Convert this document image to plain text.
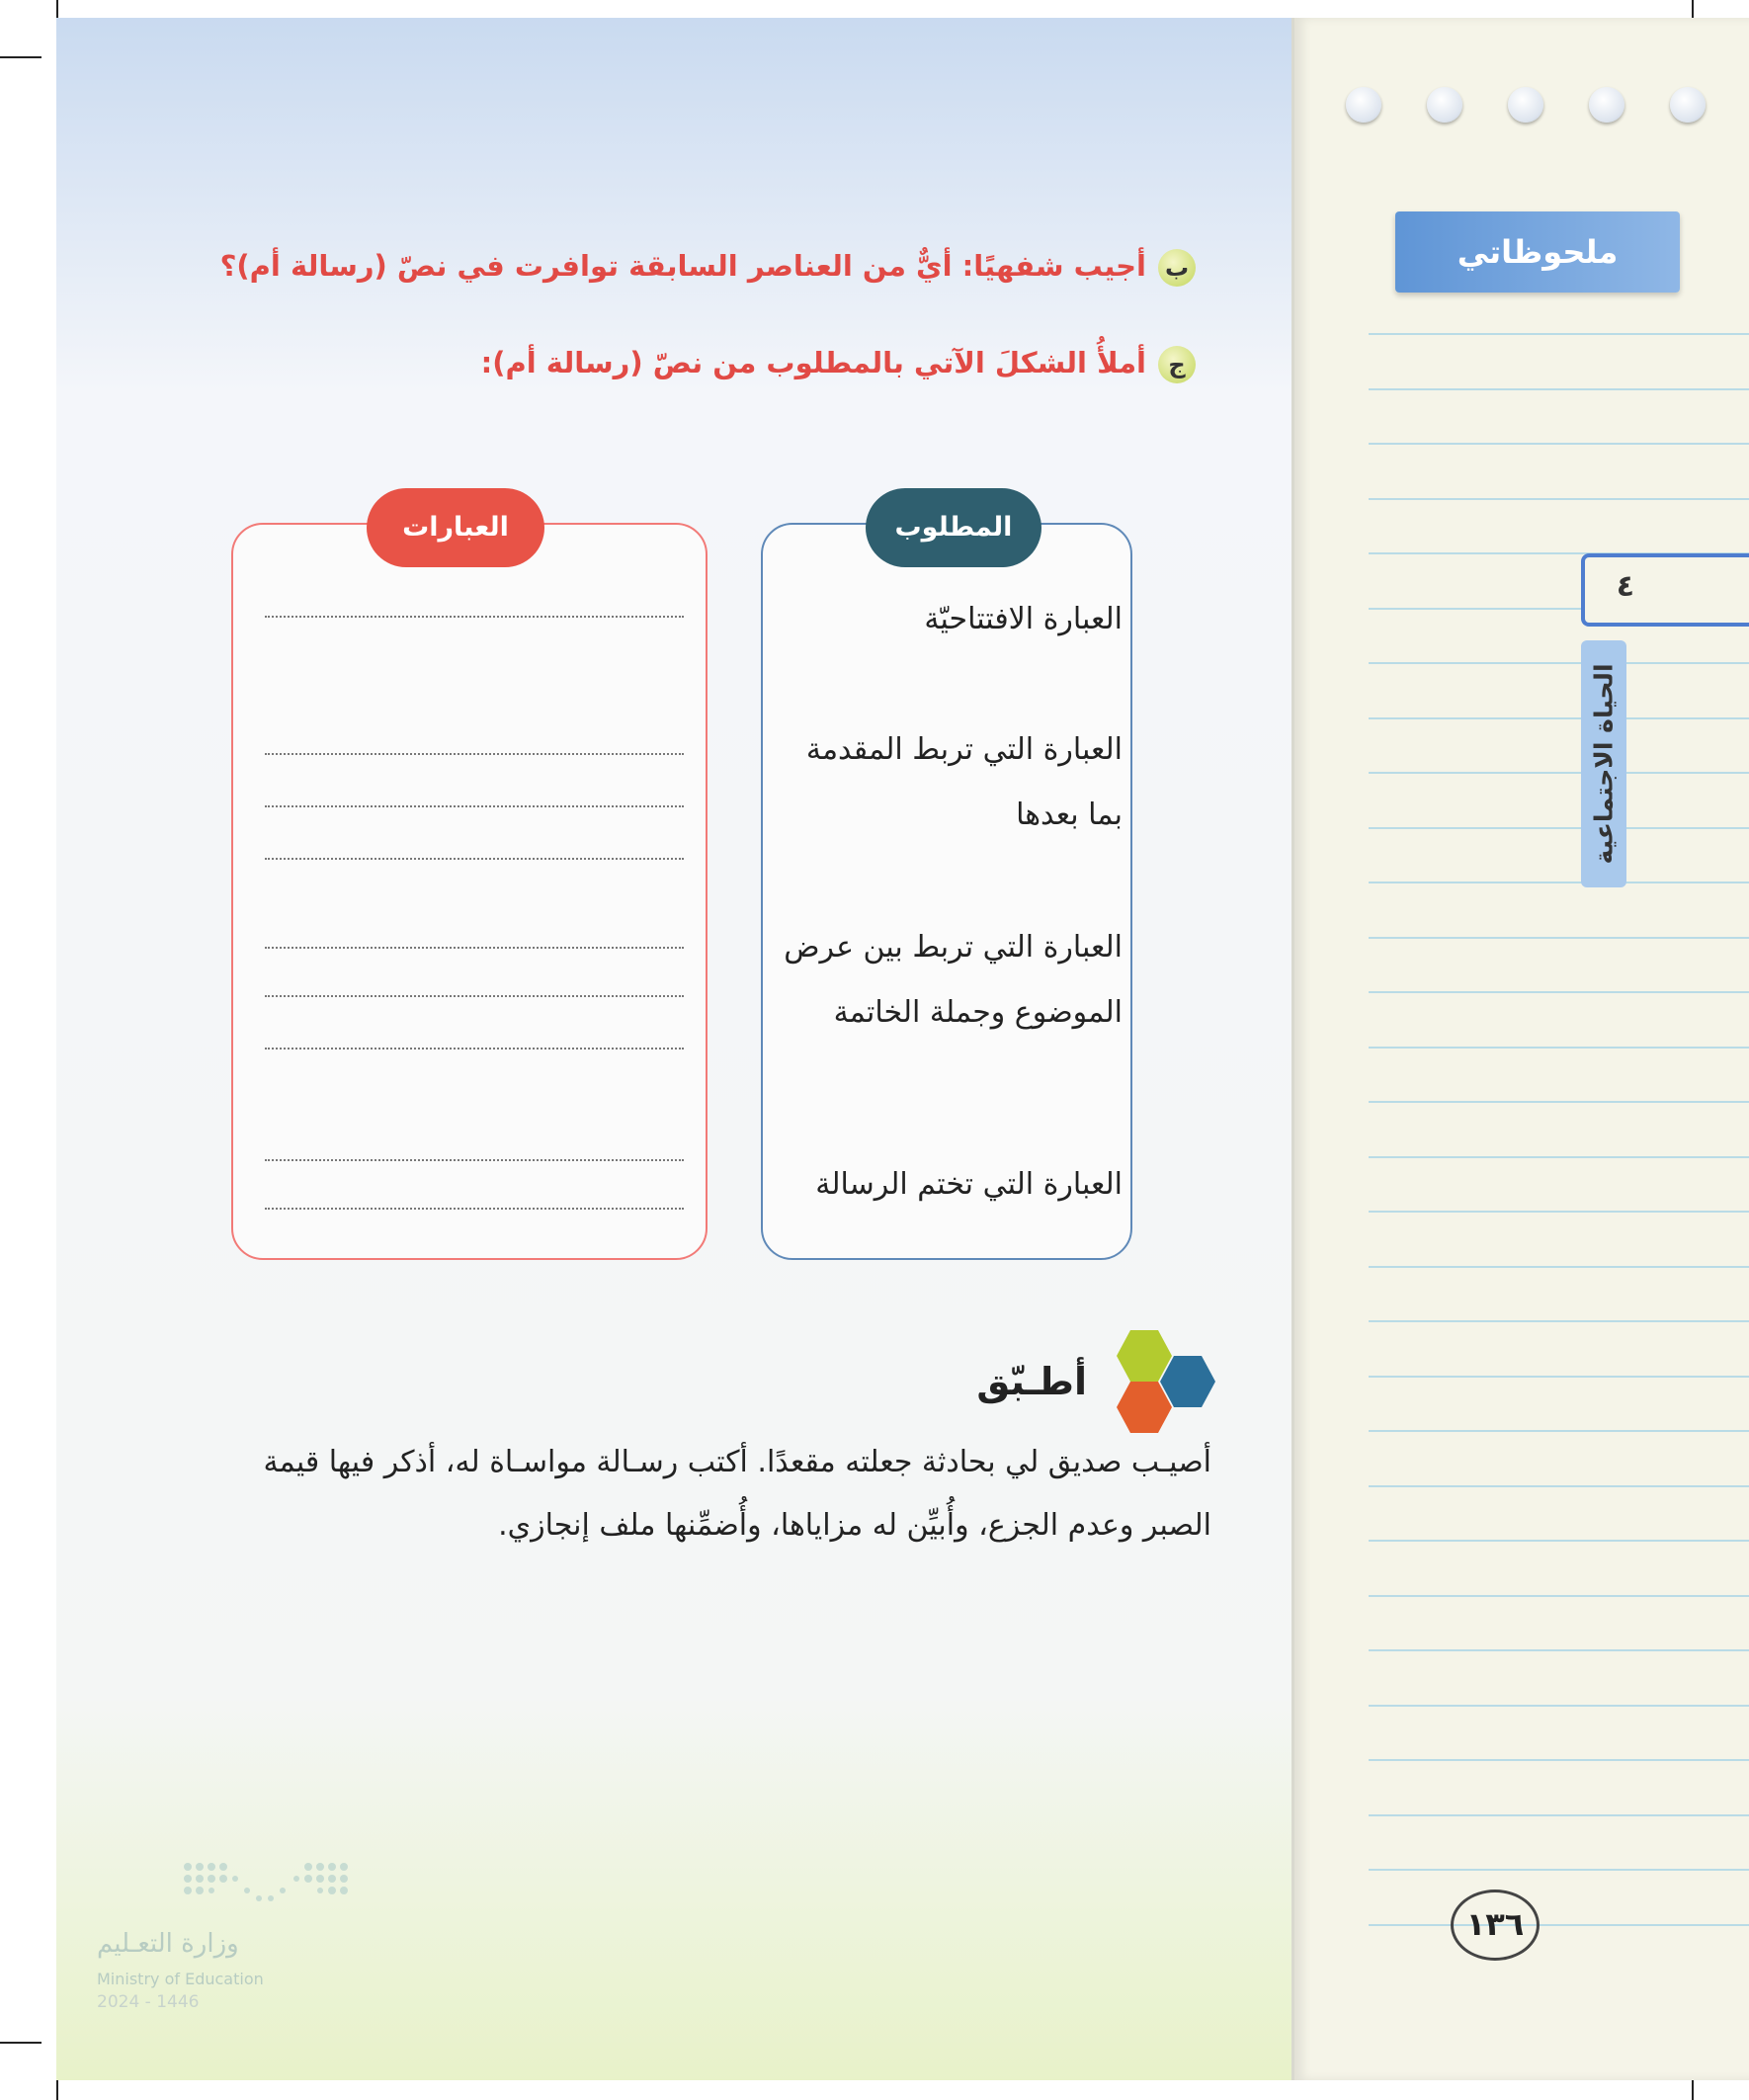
ملحوظاتي
٤
الحياة الاجتماعية
١٣٦
بأجيب شفهيًا: أيٌّ من العناصر السابقة توافرت في نصّ (رسالة أم)؟
جأملأُ الشكلَ الآتي بالمطلوب من نصّ (رسالة أم):
المطلوب
العبارات
العبارة الافتتاحيّة
العبارة التي تربط المقدمة بما بعدها
العبارة التي تربط بين عرض الموضوع وجملة الخاتمة
العبارة التي تختم الرسالة
أطـبّق
أصيـب صديق لي بحادثة جعلته مقعدًا. أكتب رسـالة مواسـاة له، أذكر فيها قيمة الصبر وعدم الجزع، وأُبيِّن له مزاياها، وأُضمِّنها ملف إنجازي.
وزارة التعـليم
Ministry of Education
2024 - 1446
